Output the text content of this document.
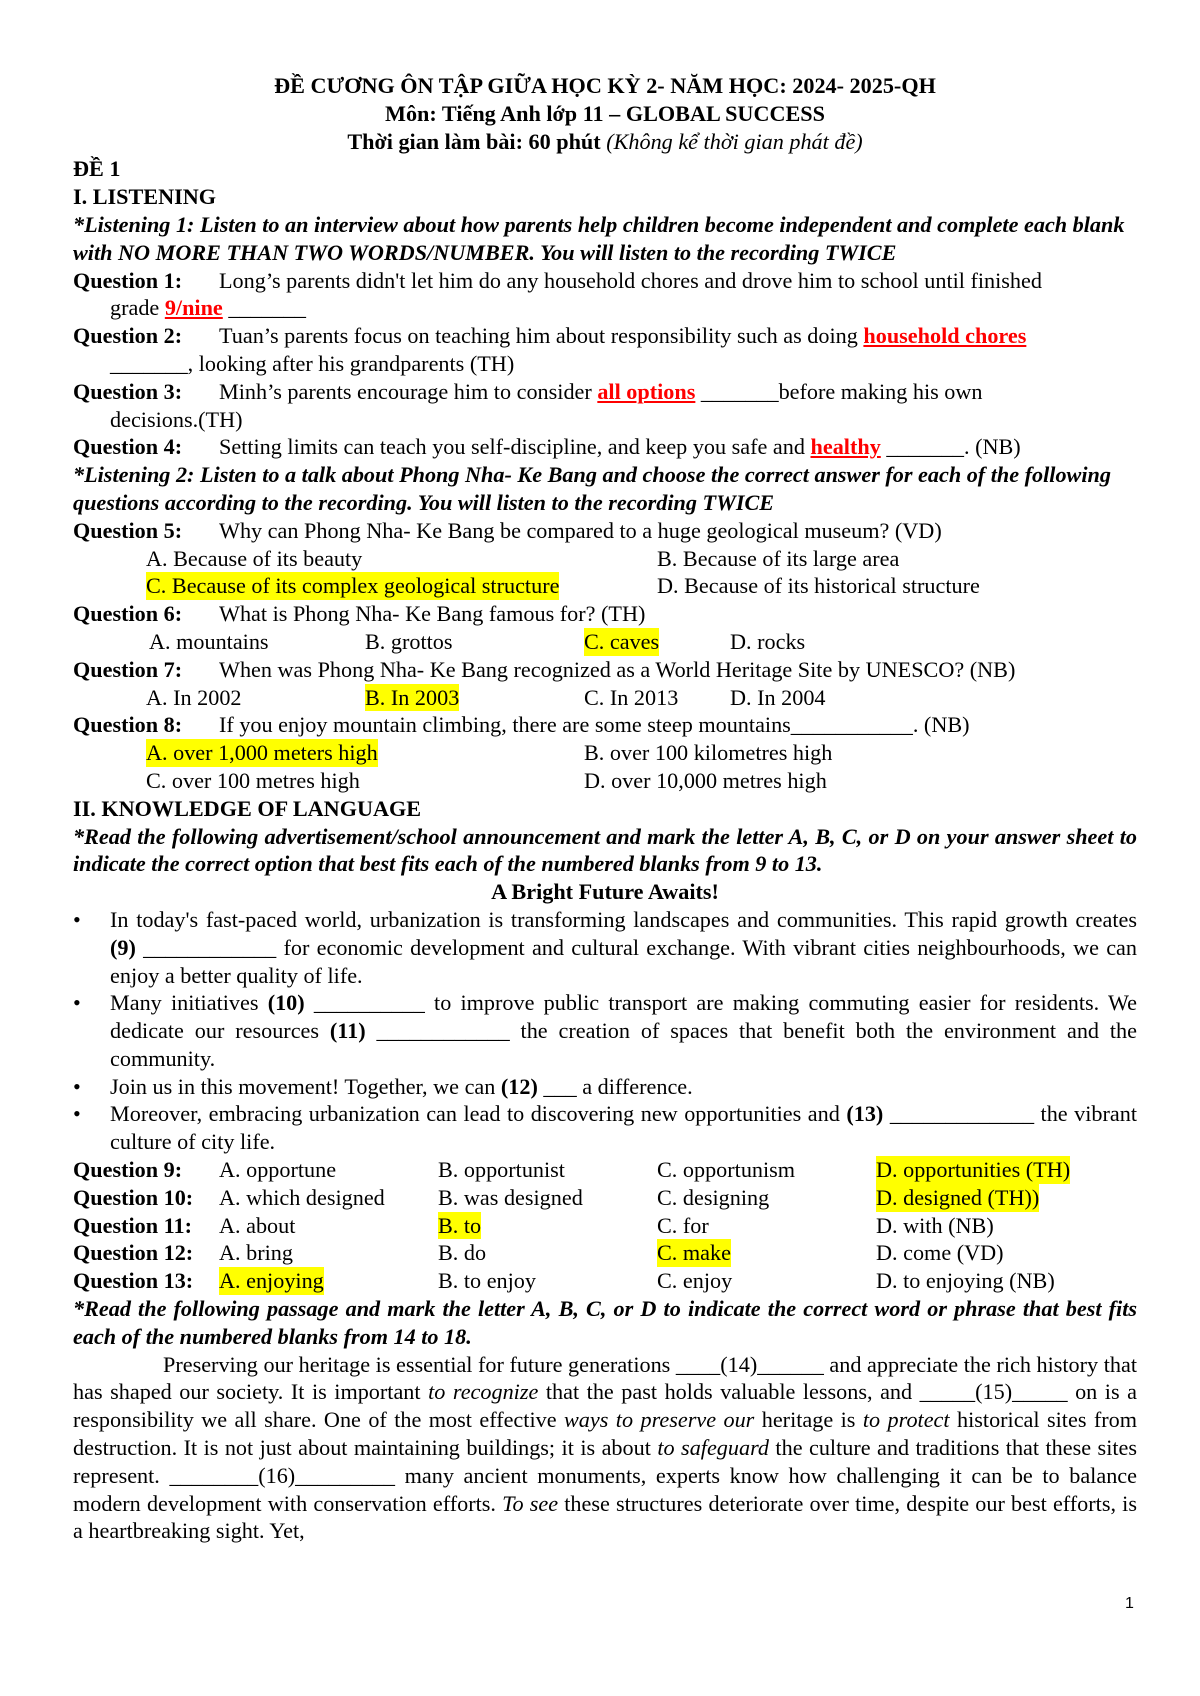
ĐỀ CƯƠNG ÔN TẬP GIỮA HỌC KỲ 2- NĂM HỌC: 2024- 2025-QH
Môn: Tiếng Anh lớp 11 – GLOBAL SUCCESS
Thời gian làm bài: 60 phút (Không kể thời gian phát đề)
ĐỀ 1
I. LISTENING
*Listening 1: Listen to an interview about how parents help children become independent and complete each blank with NO MORE THAN TWO WORDS/NUMBER. You will listen to the recording TWICE
Question 1: Long’s parents didn't let him do any household chores and drove him to school until finished
grade 9/nine _______
Question 2: Tuan’s parents focus on teaching him about responsibility such as doing household chores
_______, looking after his grandparents (TH)
Question 3: Minh’s parents encourage him to consider all options _______before making his own
decisions.(TH)
Question 4: Setting limits can teach you self-discipline, and keep you safe and healthy _______. (NB)
*Listening 2: Listen to a talk about Phong Nha- Ke Bang and choose the correct answer for each of the following questions according to the recording. You will listen to the recording TWICE
Question 5: Why can Phong Nha- Ke Bang be compared to a huge geological museum? (VD)
A. Because of its beauty	B. Because of its large area
C. Because of its complex geological structure	D. Because of its historical structure
Question 6: What is Phong Nha- Ke Bang famous for? (TH)
A. mountains	B. grottos	C. caves	D. rocks
Question 7: When was Phong Nha- Ke Bang recognized as a World Heritage Site by UNESCO? (NB)
A. In 2002	B. In 2003	C. In 2013 D. In 2004
Question 8: If you enjoy mountain climbing, there are some steep mountains___________. (NB)
A. over 1,000 meters high	B. over 100 kilometres high
C. over 100 metres high	D. over 10,000 metres high
II. KNOWLEDGE OF LANGUAGE
*Read the following advertisement/school announcement and mark the letter A, B, C, or D on your answer sheet to indicate the correct option that best fits each of the numbered blanks from 9 to 13.
A Bright Future Awaits!
• In today's fast-paced world, urbanization is transforming landscapes and communities. This rapid growth creates (9) ____________ for economic development and cultural exchange. With vibrant cities neighbourhoods, we can enjoy a better quality of life.
• Many initiatives (10) __________ to improve public transport are making commuting easier for residents. We dedicate our resources (11) ____________ the creation of spaces that benefit both the environment and the community.
• Join us in this movement! Together, we can (12) ___ a difference.
• Moreover, embracing urbanization can lead to discovering new opportunities and (13) _____________ the vibrant culture of city life.
Question 9: A. opportune	B. opportunist	C. opportunism	D. opportunities (TH)
Question 10: A. which designed B. was designed	C. designing	D. designed (TH))
Question 11: A. about	B. to	C. for	D. with (NB)
Question 12: A. bring	B. do	C. make	D. come (VD)
Question 13: A. enjoying	B. to enjoy	C. enjoy	D. to enjoying (NB)
*Read the following passage and mark the letter A, B, C, or D to indicate the correct word or phrase that best fits each of the numbered blanks from 14 to 18.
Preserving our heritage is essential for future generations ____(14)______ and appreciate the rich history that has shaped our society. It is important to recognize that the past holds valuable lessons, and _____(15)_____ on is a responsibility we all share. One of the most effective ways to preserve our heritage is to protect historical sites from destruction. It is not just about maintaining buildings; it is about to safeguard the culture and traditions that these sites represent. ________(16)_________ many ancient monuments, experts know how challenging it can be to balance modern development with conservation efforts. To see these structures deteriorate over time, despite our best efforts, is a heartbreaking sight. Yet,
1
